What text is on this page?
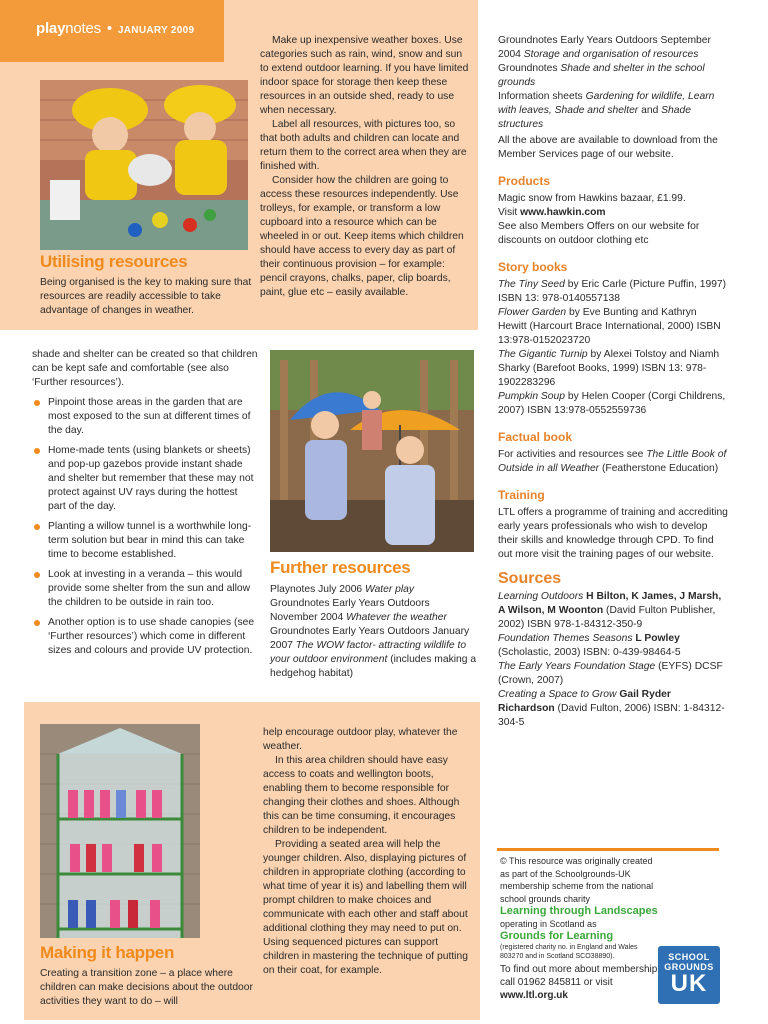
playnotes • JANUARY 2009
Utilising resources
Being organised is the key to making sure that resources are readily accessible to take advantage of changes in weather.

Make up inexpensive weather boxes. Use categories such as rain, wind, snow and sun to extend outdoor learning. If you have limited indoor space for storage then keep these resources in an outside shed, ready to use when necessary.

Label all resources, with pictures too, so that both adults and children can locate and return them to the correct area when they are finished with.

Consider how the children are going to access these resources independently. Use trolleys, for example, or transform a low cupboard into a resource which can be wheeled in or out. Keep items which children should have access to every day as part of their continuous provision – for example: pencil crayons, chalks, paper, clip boards, paint, glue etc – easily available.

shade and shelter can be created so that children can be kept safe and comfortable (see also ‘Further resources’).

Pinpoint those areas in the garden that are most exposed to the sun at different times of the day.
Home-made tents (using blankets or sheets) and pop-up gazebos provide instant shade and shelter but remember that these may not protect against UV rays during the hottest part of the day.
Planting a willow tunnel is a worthwhile long-term solution but bear in mind this can take time to become established.
Look at investing in a veranda – this would provide some shelter from the sun and allow the children to be outside in rain too.
Another option is to use shade canopies (see ‘Further resources’) which come in different sizes and colours and provide UV protection.
Further resources

Playnotes July 2006 Water play

Groundnotes Early Years Outdoors November 2004 Whatever the weather

Groundnotes Early Years Outdoors January 2007 The WOW factor- attracting wildlife to your outdoor environment (includes making a hedgehog habitat)

Groundnotes Early Years Outdoors September 2004 Storage and organisation of resources

Groundnotes Shade and shelter in the school grounds

Information sheets Gardening for wildlife, Learn with leaves, Shade and shelter and Shade structures

All the above are available to download from the Member Services page of our website.

Products

Magic snow from Hawkins bazaar, £1.99.

Visit www.hawkin.com

See also Members Offers on our website for discounts on outdoor clothing etc

Story books

The Tiny Seed by Eric Carle (Picture Puffin, 1997) ISBN 13: 978-0140557138

Flower Garden by Eve Bunting and Kathryn Hewitt (Harcourt Brace International, 2000) ISBN 13:978-0152023720

The Gigantic Turnip by Alexei Tolstoy and Niamh Sharky (Barefoot Books, 1999) ISBN 13: 978-1902283296

Pumpkin Soup by Helen Cooper (Corgi Childrens, 2007) ISBN 13:978-0552559736

Factual book

For activities and resources see The Little Book of Outside in all Weather (Featherstone Education)

Training

LTL offers a programme of training and accrediting early years professionals who wish to develop their skills and knowledge through CPD. To find out more visit the training pages of our website.

Sources

Learning Outdoors H Bilton, K James, J Marsh, A Wilson, M Woonton (David Fulton Publisher, 2002) ISBN 978-1-84312-350-9

Foundation Themes Seasons L Powley (Scholastic, 2003) ISBN: 0-439-98464-5

The Early Years Foundation Stage (EYFS) DCSF (Crown, 2007)

Creating a Space to Grow Gail Ryder Richardson (David Fulton, 2006) ISBN: 1-84312-304-5

Making it happen
Creating a transition zone – a place where children can make decisions about the outdoor activities they want to do – will

help encourage outdoor play, whatever the weather.

In this area children should have easy access to coats and wellington boots, enabling them to become responsible for changing their clothes and shoes. Although this can be time consuming, it encourages children to be independent.

Providing a seated area will help the younger children. Also, displaying pictures of children in appropriate clothing (according to what time of year it is) and labelling them will prompt children to make choices and communicate with each other and staff about additional clothing they may need to put on. Using sequenced pictures can support children in mastering the technique of putting on their coat, for example.

© This resource was originally created as part of the Schoolgrounds-UK membership scheme from the national school grounds charity

Learning through Landscapes

operating in Scotland as

Grounds for Learning

(registered charity no. in England and Wales 803270 and in Scotland SCO38890).

To find out more about membership call 01962 845811 or visit www.ltl.org.uk

SCHOOL
GROUNDS
UK
